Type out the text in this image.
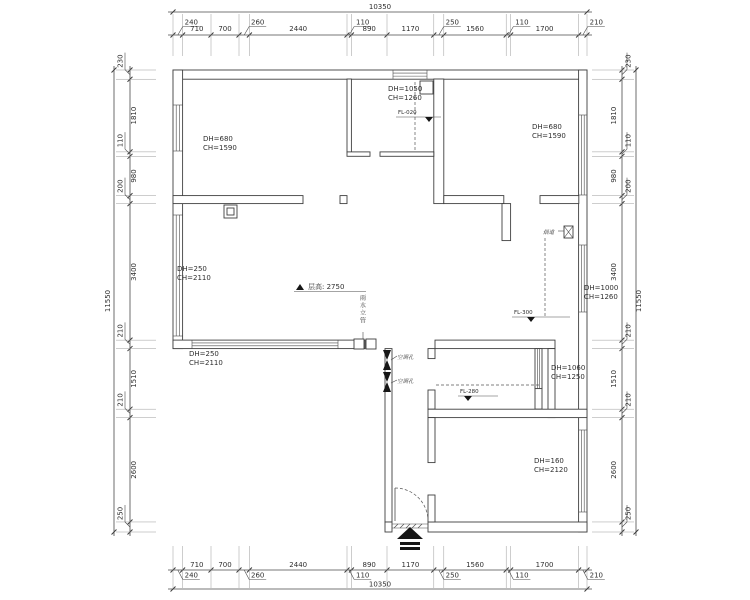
10350
240
710 700
260
2440
110
890	1170
250
1560
110
1700
210
240
710 700
260
2440
110
890	1170
250
1560
110
1700
210
10350
11550
230
1810
110
980
200
3400
210
1510
210
2600
250
230
1810
110
980
200
3400
210
1510
210
2600
250
11550
FL-020
FL-300
FL-280
层高: 2750
烟道
雨
水
立
管
空调孔
空调孔
DH=680
CH=1590
DH=680
CH=1590
DH=1050
CH=1260
DH=250
CH=2110
DH=250
CH=2110
DH=1000
CH=1260
DH=1060
CH=1250
DH=160
CH=2120
